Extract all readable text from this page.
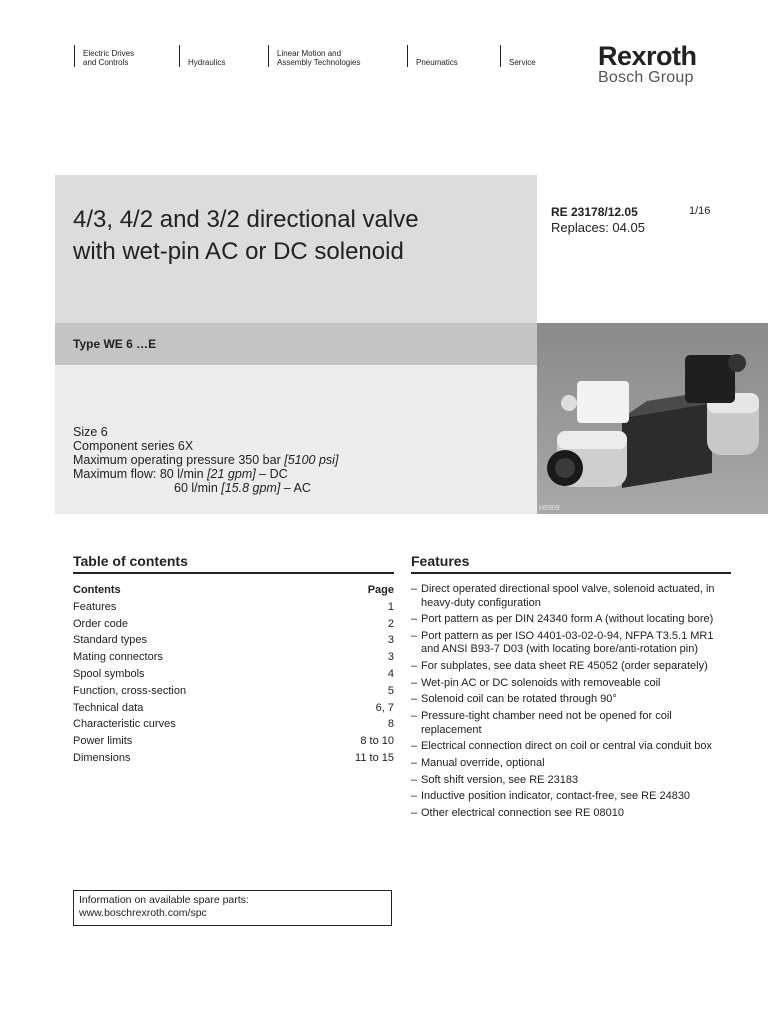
Electric Drives
and Controls	Hydraulics
Linear Motion and
Assembly Technologies	Pneumatics	Service Rexroth
Bosch Group
4/3, 4/2 and 3/2 directional valve
with wet-pin AC or DC solenoid
RE 23178/12.05
Replaces: 04.05
1/16
Type WE 6 …E
Size 6
Component series 6X
Maximum operating pressure 350 bar [5100 psi]
Maximum flow: 80 l/min [21 gpm] – DC
60 l/min [15.8 gpm] – AC
H5909
Table of contents
Contents	Page
Features	1
Order code	2
Standard types	3
Mating connectors	3
Spool symbols	4
Function, cross-section	5
Technical data	6, 7
Characteristic curves	8
Power limits	8 to 10
Dimensions	11 to 15
Features
– Direct operated directional spool valve, solenoid actuated, in heavy-duty configuration
– Port pattern as per DIN 24340 form A (without locating bore)
– Port pattern as per ISO 4401-03-02-0-94, NFPA T3.5.1 MR1 and ANSI B93-7 D03 (with locating bore/anti-rotation pin)
– For subplates, see data sheet RE 45052 (order separately)
– Wet-pin AC or DC solenoids with removeable coil
– Solenoid coil can be rotated through 90°
– Pressure-tight chamber need not be opened for coil replacement
– Electrical connection direct on coil or central via conduit box
– Manual override, optional
– Soft shift version, see RE 23183
– Inductive position indicator, contact-free, see RE 24830
– Other electrical connection see RE 08010
Information on available spare parts:
www.boschrexroth.com/spc
